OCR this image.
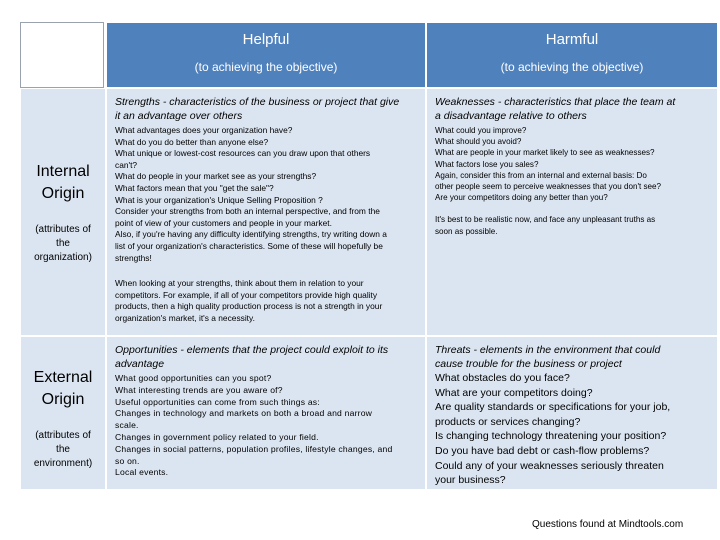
Helpful
(to achieving the objective)
Harmful
(to achieving the objective)
Internal
Origin
(attributes of
the
organization)
External
Origin
(attributes of
the
environment)
Strengths - characteristics of the business or project that give
it an advantage over others
What advantages does your organization have?
What do you do better than anyone else?
What unique or lowest-cost resources can you draw upon that others
can't?
What do people in your market see as your strengths?
What factors mean that you "get the sale"?
What is your organization's Unique Selling Proposition ?
Consider your strengths from both an internal perspective, and from the
point of view of your customers and people in your market.
Also, if you're having any difficulty identifying strengths, try writing down a
list of your organization's characteristics. Some of these will hopefully be
strengths!
When looking at your strengths, think about them in relation to your
competitors. For example, if all of your competitors provide high quality
products, then a high quality production process is not a strength in your
organization's market, it's a necessity.
Weaknesses - characteristics that place the team at
a disadvantage relative to others
What could you improve?
What should you avoid?
What are people in your market likely to see as weaknesses?
What factors lose you sales?
Again, consider this from an internal and external basis: Do
other people seem to perceive weaknesses that you don't see?
Are your competitors doing any better than you?
It's best to be realistic now, and face any unpleasant truths as
soon as possible.
Opportunities - elements that the project could exploit to its
advantage
What good opportunities can you spot?
What interesting trends are you aware of?
Useful opportunities can come from such things as:
Changes in technology and markets on both a broad and narrow
scale.
Changes in government policy related to your field.
Changes in social patterns, population profiles, lifestyle changes, and
so on.
Local events.
Threats - elements in the environment that could
cause trouble for the business or project
What obstacles do you face?
What are your competitors doing?
Are quality standards or specifications for your job,
products or services changing?
Is changing technology threatening your position?
Do you have bad debt or cash-flow problems?
Could any of your weaknesses seriously threaten
your business?
Questions found at Mindtools.com
